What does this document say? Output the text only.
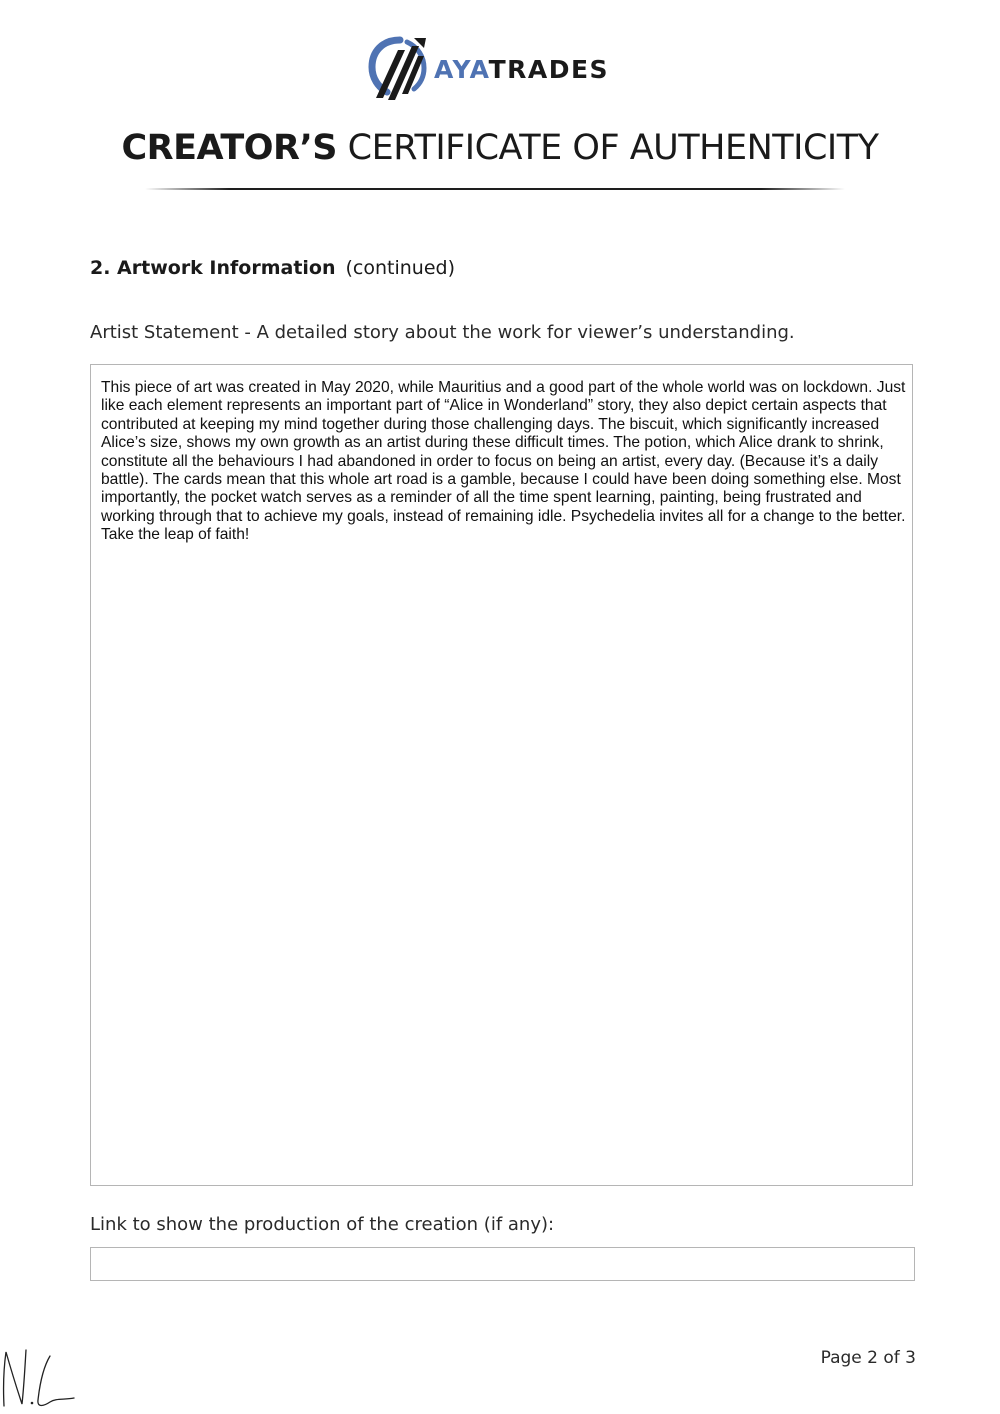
AYATRADES
CREATOR’S CERTIFICATE OF AUTHENTICITY
2. Artwork Information (continued)
Artist Statement - A detailed story about the work for viewer’s understanding.
This piece of art was created in May 2020, while Mauritius and a good part of the whole world was on lockdown. Just like each element represents an important part of “Alice in Wonderland” story, they also depict certain aspects that contributed at keeping my mind together during those challenging days. The biscuit, which significantly increased Alice’s size, shows my own growth as an artist during these difficult times. The potion, which Alice drank to shrink, constitute all the behaviours I had abandoned in order to focus on being an artist, every day. (Because it’s a daily battle). The cards mean that this whole art road is a gamble, because I could have been doing something else. Most importantly, the pocket watch serves as a reminder of all the time spent learning, painting, being frustrated and working through that to achieve my goals, instead of remaining idle. Psychedelia invites all for a change to the better. Take the leap of faith!
Link to show the production of the creation (if any):
Page 2 of 3
